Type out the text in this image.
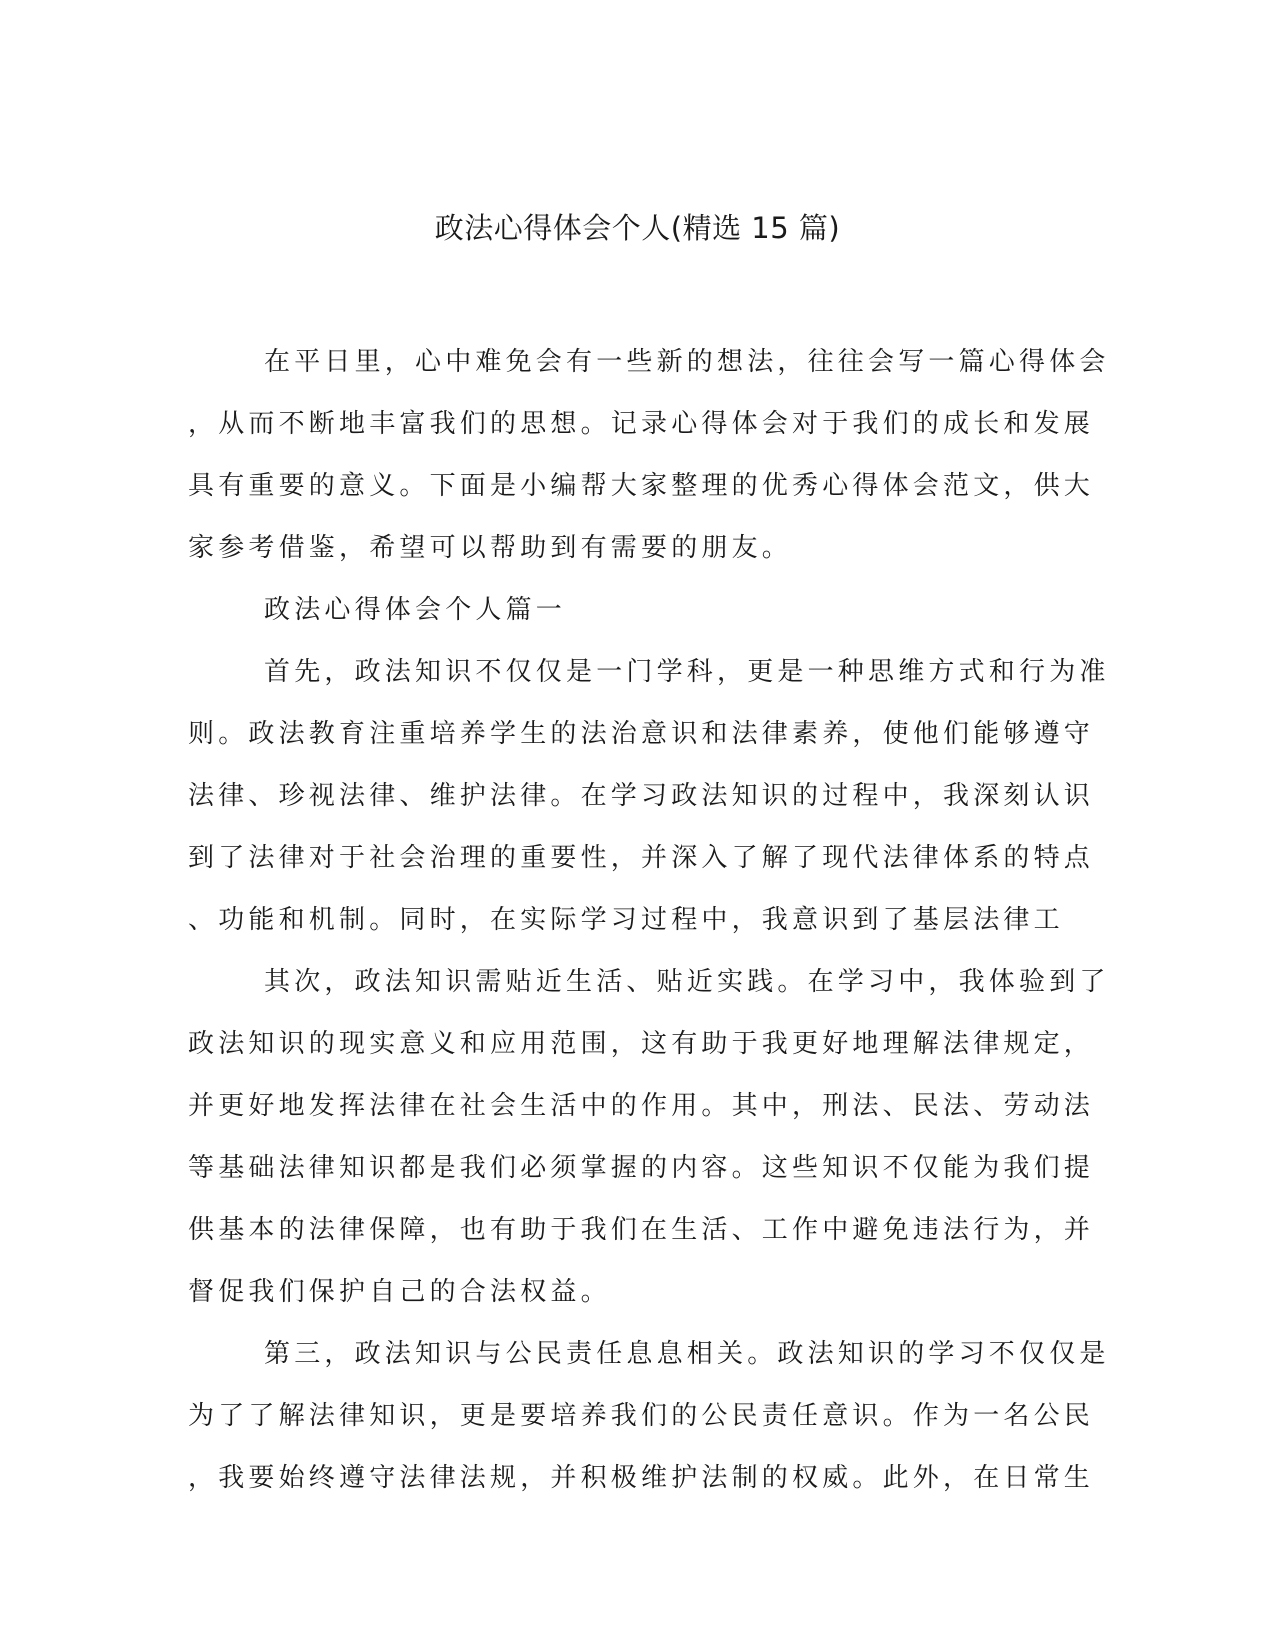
政法心得体会个人(精选 15 篇)
在平日里，心中难免会有一些新的想法，往往会写一篇心得体会
，从而不断地丰富我们的思想。记录心得体会对于我们的成长和发展
具有重要的意义。下面是小编帮大家整理的优秀心得体会范文，供大
家参考借鉴，希望可以帮助到有需要的朋友。
政法心得体会个人篇一
首先，政法知识不仅仅是一门学科，更是一种思维方式和行为准
则。政法教育注重培养学生的法治意识和法律素养，使他们能够遵守
法律、珍视法律、维护法律。在学习政法知识的过程中，我深刻认识
到了法律对于社会治理的重要性，并深入了解了现代法律体系的特点
、功能和机制。同时，在实际学习过程中，我意识到了基层法律工
其次，政法知识需贴近生活、贴近实践。在学习中，我体验到了
政法知识的现实意义和应用范围，这有助于我更好地理解法律规定，
并更好地发挥法律在社会生活中的作用。其中，刑法、民法、劳动法
等基础法律知识都是我们必须掌握的内容。这些知识不仅能为我们提
供基本的法律保障，也有助于我们在生活、工作中避免违法行为，并
督促我们保护自己的合法权益。
第三，政法知识与公民责任息息相关。政法知识的学习不仅仅是
为了了解法律知识，更是要培养我们的公民责任意识。作为一名公民
，我要始终遵守法律法规，并积极维护法制的权威。此外，在日常生
